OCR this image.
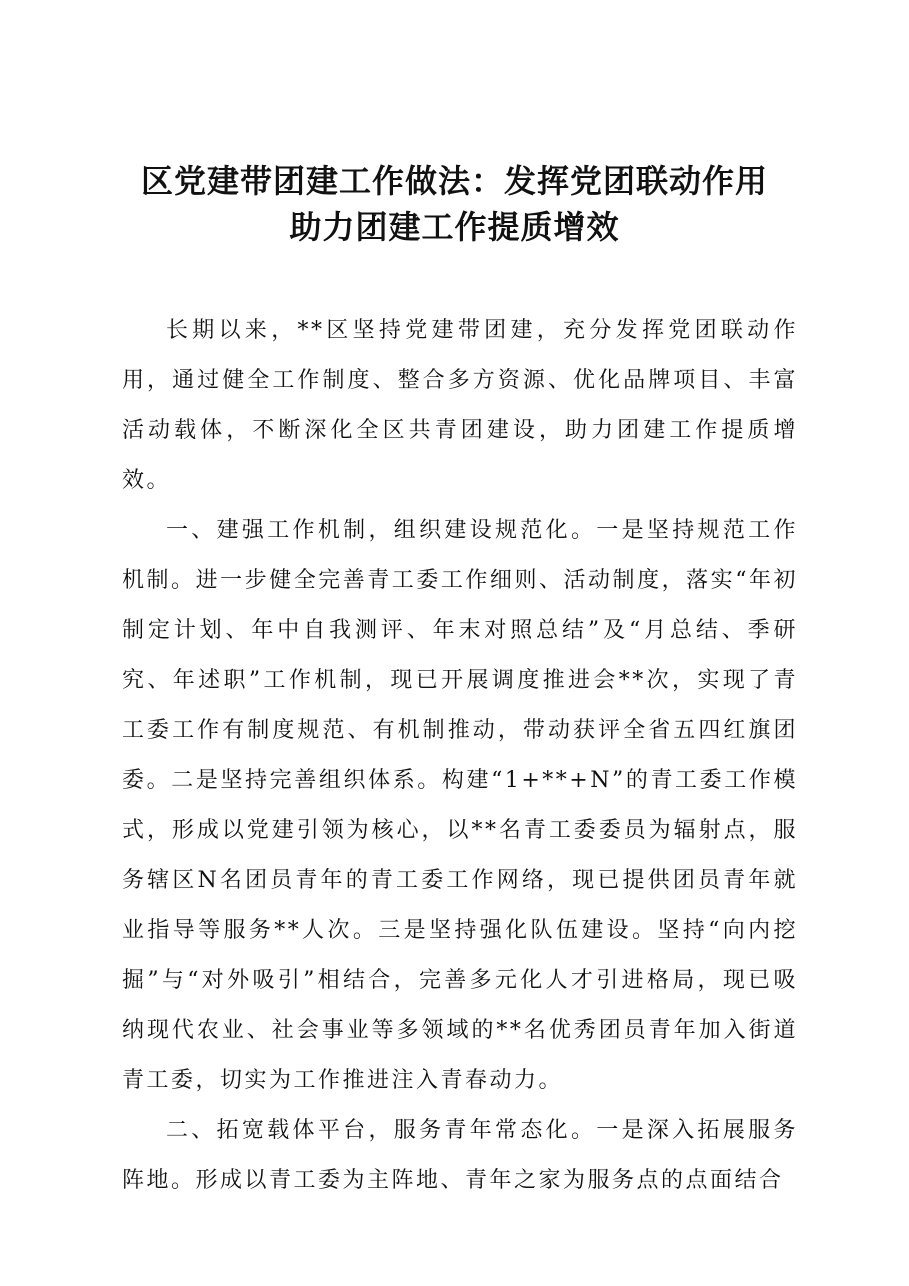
区党建带团建工作做法：发挥党团联动作用
助力团建工作提质增效

长期以来，**区坚持党建带团建，充分发挥党团联动作用，通过健全工作制度、整合多方资源、优化品牌项目、丰富活动载体，不断深化全区共青团建设，助力团建工作提质增效。

一、建强工作机制，组织建设规范化。一是坚持规范工作机制。进一步健全完善青工委工作细则、活动制度，落实“年初制定计划、年中自我测评、年末对照总结”及“月总结、季研究、年述职”工作机制，现已开展调度推进会**次，实现了青工委工作有制度规范、有机制推动，带动获评全省五四红旗团委。二是坚持完善组织体系。构建“1+**+N”的青工委工作模式，形成以党建引领为核心，以**名青工委委员为辐射点，服务辖区N名团员青年的青工委工作网络，现已提供团员青年就业指导等服务**人次。三是坚持强化队伍建设。坚持“向内挖掘”与“对外吸引”相结合，完善多元化人才引进格局，现已吸纳现代农业、社会事业等多领域的**名优秀团员青年加入街道青工委，切实为工作推进注入青春动力。

二、拓宽载体平台，服务青年常态化。一是深入拓展服务阵地。形成以青工委为主阵地、青年之家为服务点的点面结合
